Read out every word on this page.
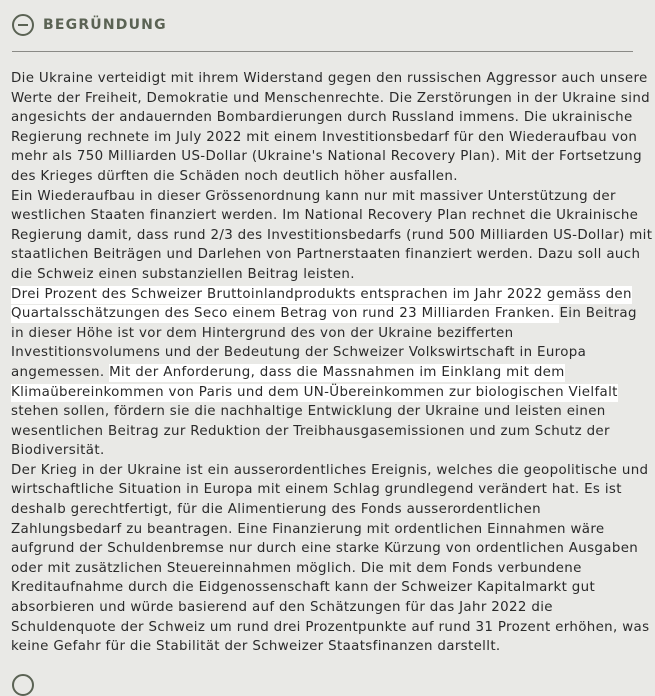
BEGRÜNDUNG
Die Ukraine verteidigt mit ihrem Widerstand gegen den russischen Aggressor auch unsere
Werte der Freiheit, Demokratie und Menschenrechte. Die Zerstörungen in der Ukraine sind
angesichts der andauernden Bombardierungen durch Russland immens. Die ukrainische
Regierung rechnete im July 2022 mit einem Investitionsbedarf für den Wiederaufbau von
mehr als 750 Milliarden US-Dollar (Ukraine's National Recovery Plan). Mit der Fortsetzung
des Krieges dürften die Schäden noch deutlich höher ausfallen.
Ein Wiederaufbau in dieser Grössenordnung kann nur mit massiver Unterstützung der
westlichen Staaten finanziert werden. Im National Recovery Plan rechnet die Ukrainische
Regierung damit, dass rund 2/3 des Investitionsbedarfs (rund 500 Milliarden US-Dollar) mit
staatlichen Beiträgen und Darlehen von Partnerstaaten finanziert werden. Dazu soll auch
die Schweiz einen substanziellen Beitrag leisten.
Drei Prozent des Schweizer Bruttoinlandprodukts entsprachen im Jahr 2022 gemäss den
Quartalsschätzungen des Seco einem Betrag von rund 23 Milliarden Franken. Ein Beitrag
in dieser Höhe ist vor dem Hintergrund des von der Ukraine bezifferten
Investitionsvolumens und der Bedeutung der Schweizer Volkswirtschaft in Europa
angemessen. Mit der Anforderung, dass die Massnahmen im Einklang mit dem
Klimaübereinkommen von Paris und dem UN-Übereinkommen zur biologischen Vielfalt
stehen sollen, fördern sie die nachhaltige Entwicklung der Ukraine und leisten einen
wesentlichen Beitrag zur Reduktion der Treibhausgasemissionen und zum Schutz der
Biodiversität.
Der Krieg in der Ukraine ist ein ausserordentliches Ereignis, welches die geopolitische und
wirtschaftliche Situation in Europa mit einem Schlag grundlegend verändert hat. Es ist
deshalb gerechtfertigt, für die Alimentierung des Fonds ausserordentlichen
Zahlungsbedarf zu beantragen. Eine Finanzierung mit ordentlichen Einnahmen wäre
aufgrund der Schuldenbremse nur durch eine starke Kürzung von ordentlichen Ausgaben
oder mit zusätzlichen Steuereinnahmen möglich. Die mit dem Fonds verbundene
Kreditaufnahme durch die Eidgenossenschaft kann der Schweizer Kapitalmarkt gut
absorbieren und würde basierend auf den Schätzungen für das Jahr 2022 die
Schuldenquote der Schweiz um rund drei Prozentpunkte auf rund 31 Prozent erhöhen, was
keine Gefahr für die Stabilität der Schweizer Staatsfinanzen darstellt.
